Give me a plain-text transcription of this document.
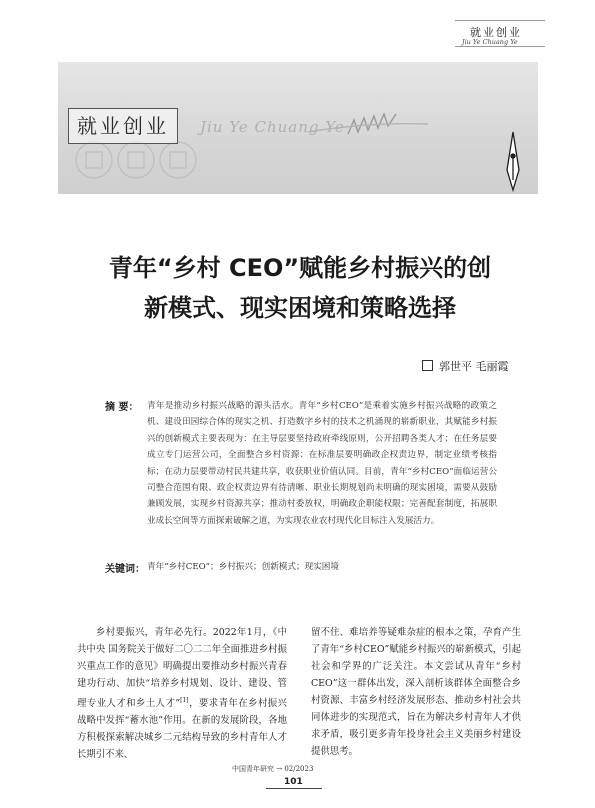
就业创业
Jiu Ye Chuang Ye
就业创业	Jiu Ye Chuang Ye
青年“乡村 CEO”赋能乡村振兴的创
新模式、现实困境和策略选择
郭世平 毛丽霞
摘 要： 青年是推动乡村振兴战略的源头活水。青年“乡村CEO”是乘着实施乡村振兴战略的政策之机、建设田园综合体的现实之机、打造数字乡村的技术之机涌现的崭新职业，其赋能乡村振兴的创新模式主要表现为：在主导层要坚持政府牵线原则，公开招聘各类人才；在任务层要成立专门运营公司，全面整合乡村资源；在标准层要明确政企权责边界，制定业绩考核指标；在动力层要带动村民共建共享，收获职业价值认同。目前，青年“乡村CEO”面临运营公司整合范围有限、政企权责边界有待清晰、职业长期规划尚未明确的现实困境，需要从鼓励兼顾发展，实现乡村资源共享；推动村委放权，明确政企职能权限；完善配套制度，拓展职业成长空间等方面探索破解之道，为实现农业农村现代化目标注入发展活力。
关键词： 青年“乡村CEO”；乡村振兴；创新模式；现实困境
乡村要振兴，青年必先行。2022年1月，《中共中央 国务院关于做好二〇二二年全面推进乡村振兴重点工作的意见》明确提出要推动乡村振兴青春建功行动、加快“培养乡村规划、设计、建设、管理专业人才和乡土人才”[1]，要求青年在乡村振兴战略中发挥“蓄水池”作用。在新的发展阶段，各地方积极探索解决城乡二元结构导致的乡村青年人才长期引不来、
留不住、难培养等疑难杂症的根本之策，孕育产生了青年“乡村CEO”赋能乡村振兴的崭新模式，引起社会和学界的广泛关注。本文尝试从青年“乡村CEO”这一群体出发，深入剖析该群体全面整合乡村资源、丰富乡村经济发展形态、推动乡村社会共同体进步的实现范式，旨在为解决乡村青年人才供求矛盾，吸引更多青年投身社会主义美丽乡村建设提供思考。
中国青年研究 → 02/2023
101
